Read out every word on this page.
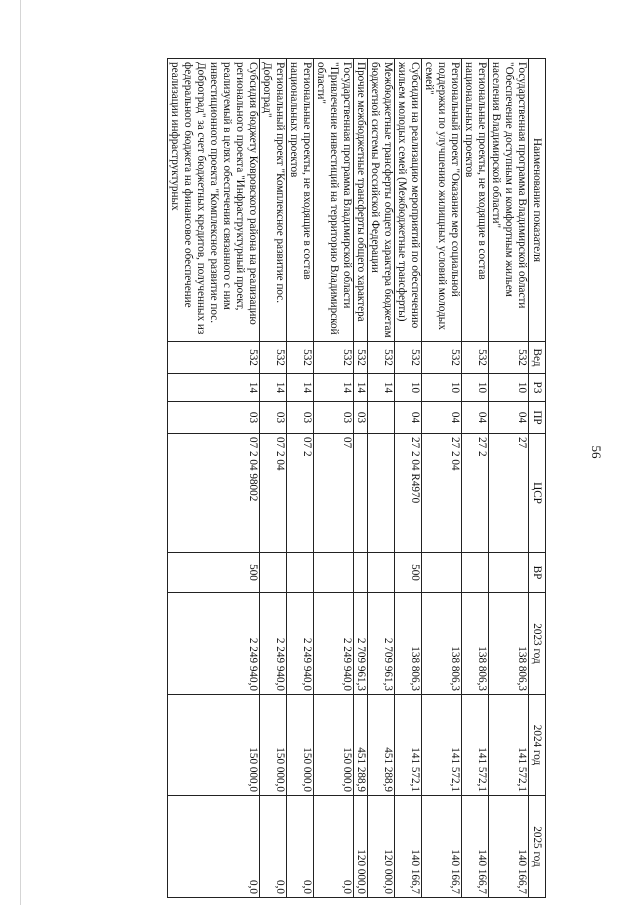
56
Наименование показателя	Вед	РЗ	ПР	ЦСР	ВР	2023 год	2024 год	2025 год
Государственная программа Владимирской области "Обеспечение доступным и комфортным жильем населения Владимирской области"	532	10	04	27		138 806,3	141 572,1	140 166,7
Региональные проекты, не входящие в состав национальных проектов	532	10	04	27 2		138 806,3	141 572,1	140 166,7
Региональный проект "Оказание мер социальной поддержки по улучшению жилищных условий молодых семей"	532	10	04	27 2 04		138 806,3	141 572,1	140 166,7
Субсидии на реализацию мероприятий по обеспечению жильем молодых семей (Межбюджетные трансферты)	532	10	04	27 2 04 R4970	500	138 806,3	141 572,1	140 166,7
Межбюджетные трансферты общего характера бюджетам бюджетной системы Российской Федерации	532	14				2 709 961,3	451 288,9	120 000,0
Прочие межбюджетные трансферты общего характера	532	14	03			2 709 961,3	451 288,9	120 000,0
Государственная программа Владимирской области "Привлечение инвестиций на территорию Владимирской области"	532	14	03	07		2 249 940,0	150 000,0	0,0
Региональные проекты, не входящие в состав национальных проектов	532	14	03	07 2		2 249 940,0	150 000,0	0,0
Региональный проект "Комплексное развитие пос. Доброград"	532	14	03	07 2 04		2 249 940,0	150 000,0	0,0
Субсидия бюджету Ковровского района на реализацию регионального проекта "Инфраструктурный проект, реализуемый в целях обеспечения связанного с ним инвестиционного проекта "Комплексное развитие пос. Доброград" за счет бюджетных кредитов, полученных из федерального бюджета на финансовое обеспечение реализации инфраструктурных	532	14	03	07 2 04 98002	500	2 249 940,0	150 000,0	0,0
